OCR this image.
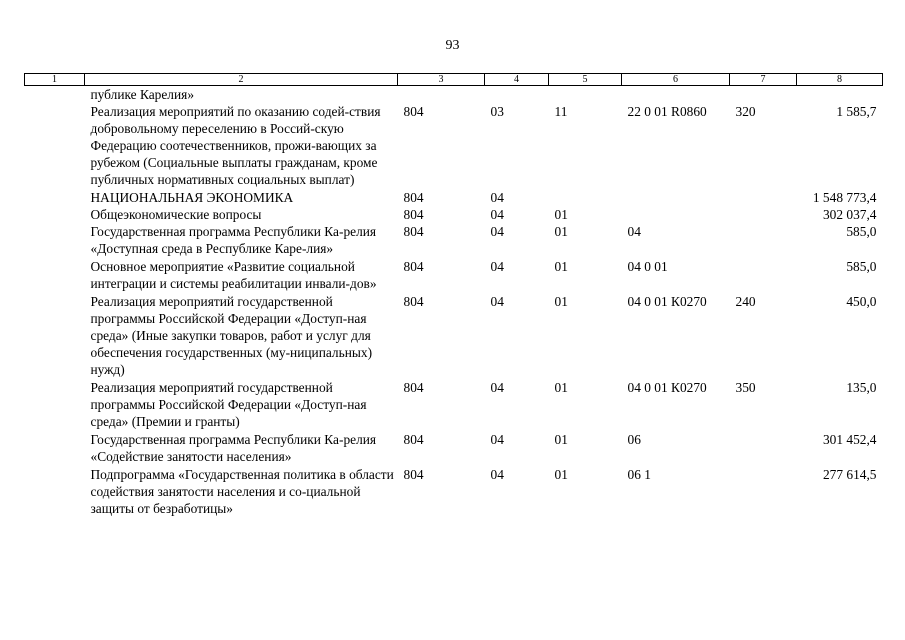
93
1	2	3	4	5	6	7	8
	публике Карелия»						
	Реализация мероприятий по оказанию содей-ствия добровольному переселению в Россий-скую Федерацию соотечественников, прожи-вающих за рубежом (Социальные выплаты гражданам, кроме публичных нормативных социальных выплат)	804	03	11	22 0 01 R0860	320	1 585,7
	НАЦИОНАЛЬНАЯ ЭКОНОМИКА	804	04				1 548 773,4
	Общеэкономические вопросы	804	04	01			302 037,4
	Государственная программа Республики Ка-релия «Доступная среда в Республике Каре-лия»	804	04	01	04		585,0
	Основное мероприятие «Развитие социальной интеграции и системы реабилитации инвали-дов»	804	04	01	04 0 01		585,0
	Реализация мероприятий государственной программы Российской Федерации «Доступ-ная среда» (Иные закупки товаров, работ и услуг для обеспечения государственных (му-ниципальных) нужд)	804	04	01	04 0 01 К0270	240	450,0
	Реализация мероприятий государственной программы Российской Федерации «Доступ-ная среда» (Премии и гранты)	804	04	01	04 0 01 К0270	350	135,0
	Государственная программа Республики Ка-релия «Содействие занятости населения»	804	04	01	06		301 452,4
	Подпрограмма «Государственная политика в области содействия занятости населения и со-циальной защиты от безработицы»	804	04	01	06 1		277 614,5
